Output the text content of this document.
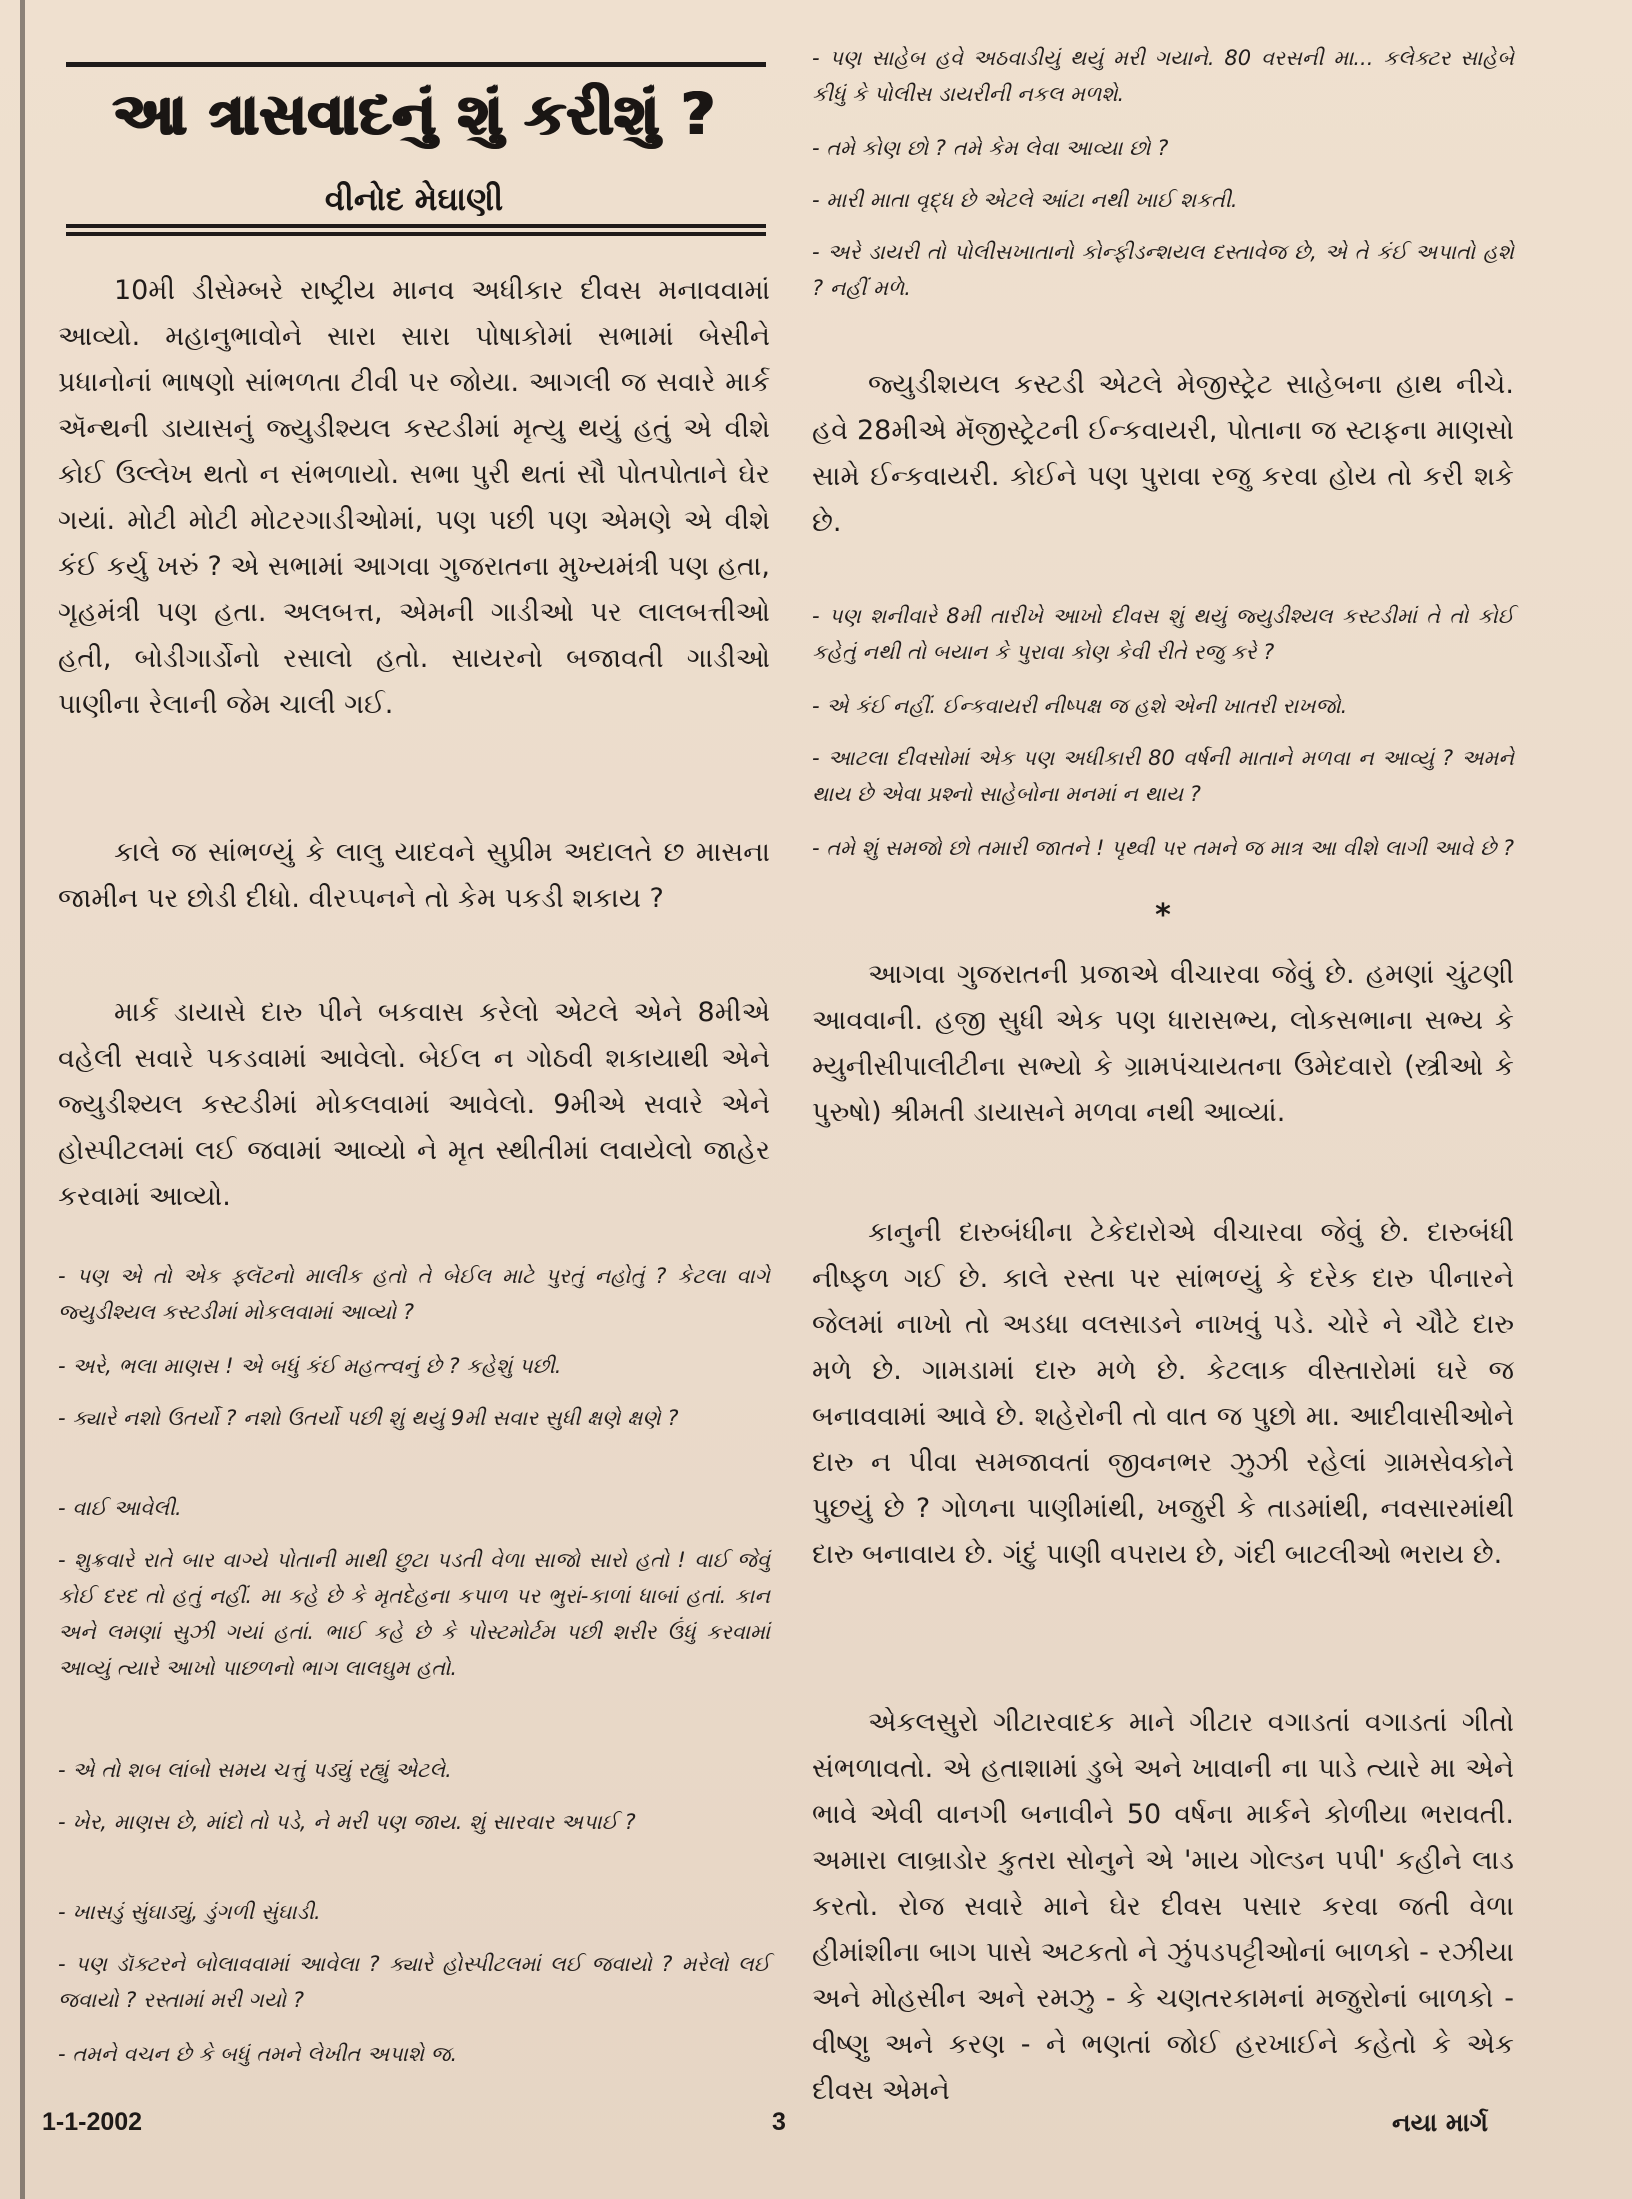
આ ત્રાસવાદનું શું કરીશું ?
વીનોદ મેઘાણી

10મી ડીસેમ્બરે રાષ્ટ્રીય માનવ અધીકાર દીવસ મનાવવામાં આવ્યો. મહાનુભાવોને સારા સારા પોષાકોમાં સભામાં બેસીને પ્રધાનોનાં ભાષણો સાંભળતા ટીવી પર જોયા. આગલી જ સવારે માર્ક ઍન્થની ડાયાસનું જ્યુડીશ્યલ કસ્ટડીમાં મૃત્યુ થયું હતું એ વીશે કોઈ ઉલ્લેખ થતો ન સંભળાયો. સભા પુરી થતાં સૌ પોતપોતાને ઘેર ગયાં. મોટી મોટી મોટરગાડીઓમાં, પણ પછી પણ એમણે એ વીશે કંઈ કર્યુ ખરું ? એ સભામાં આગવા ગુજરાતના મુખ્યમંત્રી પણ હતા, ગૃહમંત્રી પણ હતા. અલબત્ત, એમની ગાડીઓ પર લાલબત્તીઓ હતી, બોડીગાર્ડોનો રસાલો હતો. સાયરનો બજાવતી ગાડીઓ પાણીના રેલાની જેમ ચાલી ગઈ.

કાલે જ સાંભળ્યું કે લાલુ યાદવને સુપ્રીમ અદાલતે છ માસના જામીન પર છોડી દીધો. વીરપ્પનને તો કેમ પકડી શકાય ?

માર્ક ડાયાસે દારુ પીને બકવાસ કરેલો એટલે એને 8મીએ વહેલી સવારે પકડવામાં આવેલો. બેઈલ ન ગોઠવી શકાયાથી એને જ્યુડીશ્યલ કસ્ટડીમાં મોકલવામાં આવેલો. 9મીએ સવારે એને હોસ્પીટલમાં લઈ જવામાં આવ્યો ને મૃત સ્થીતીમાં લવાયેલો જાહેર કરવામાં આવ્યો.

- પણ એ તો એક ફ્લૅટનો માલીક હતો તે બેઈલ માટે પુરતું નહોતું ? કેટલા વાગે જ્યુડીશ્યલ કસ્ટડીમાં મોકલવામાં આવ્યો ?

- અરે, ભલા માણસ ! એ બધું કંઈ મહત્ત્વનું છે ? કહેશું પછી.

- ક્યારે નશો ઉતર્યો ? નશો ઉતર્યો પછી શું થયું 9મી સવાર સુધી ક્ષણે ક્ષણે ?

- વાઈ આવેલી.

- શુક્રવારે રાતે બાર વાગ્યે પોતાની માથી છુટા પડતી વેળા સાજો સારો હતો ! વાઈ જેવું કોઈ દરદ તો હતું નહીં. મા કહે છે કે મૃતદેહના કપાળ પર ભુરાં-કાળાં ધાબાં હતાં. કાન અને લમણાં સુઝી ગયાં હતાં. ભાઈ કહે છે કે પોસ્ટમોર્ટમ પછી શરીર ઉંધું કરવામાં આવ્યું ત્યારે આખો પાછળનો ભાગ લાલઘુમ હતો.

- એ તો શબ લાંબો સમય ચત્તું પડ્યું રહ્યું એટલે.

- ખેર, માણસ છે, માંદો તો પડે, ને મરી પણ જાય. શું સારવાર અપાઈ ?

- ખાસડું સુંઘાડ્યું, ડુંગળી સુંઘાડી.

- પણ ડૉક્ટરને બોલાવવામાં આવેલા ? ક્યારે હોસ્પીટલમાં લઈ જવાયો ? મરેલો લઈ જવાયો ? રસ્તામાં મરી ગયો ?

- તમને વચન છે કે બધું તમને લેખીત અપાશે જ.

- પણ સાહેબ હવે અઠવાડીયું થયું મરી ગયાને. 80 વરસની મા... કલેક્ટર સાહેબે કીધું કે પોલીસ ડાયરીની નકલ મળશે.

- તમે કોણ છો ? તમે કેમ લેવા આવ્યા છો ?

- મારી માતા વૃદ્ધ છે એટલે આંટા નથી ખાઈ શકતી.

- અરે ડાયરી તો પોલીસખાતાનો કોન્ફીડન્શયલ દસ્તાવેજ છે, એ તે કંઈ અપાતો હશે ? નહીં મળે.

જ્યુડીશયલ કસ્ટડી એટલે મેજીસ્ટ્રેટ સાહેબના હાથ નીચે. હવે 28મીએ મૅજીસ્ટ્રેટની ઈન્કવાયરી, પોતાના જ સ્ટાફના માણસો સામે ઈન્કવાયરી. કોઈને પણ પુરાવા રજુ કરવા હોય તો કરી શકે છે.

- પણ શનીવારે 8મી તારીખે આખો દીવસ શું થયું જ્યુડીશ્યલ કસ્ટડીમાં તે તો કોઈ કહેતું નથી તો બયાન કે પુરાવા કોણ કેવી રીતે રજુ કરે ?

- એ કંઈ નહીં. ઈન્કવાયરી નીષ્પક્ષ જ હશે એની ખાતરી રાખજો.

- આટલા દીવસોમાં એક પણ અધીકારી 80 વર્ષની માતાને મળવા ન આવ્યું ? અમને થાય છે એવા પ્રશ્નો સાહેબોના મનમાં ન થાય ?

- તમે શું સમજો છો તમારી જાતને ! પૃથ્વી પર તમને જ માત્ર આ વીશે લાગી આવે છે ?

*

આગવા ગુજરાતની પ્રજાએ વીચારવા જેવું છે. હમણાં ચુંટણી આવવાની. હજી સુધી એક પણ ધારાસભ્ય, લોકસભાના સભ્ય કે મ્યુનીસીપાલીટીના સભ્યો કે ગ્રામપંચાયતના ઉમેદવારો (સ્ત્રીઓ કે પુરુષો) શ્રીમતી ડાયાસને મળવા નથી આવ્યાં.

કાનુની દારુબંધીના ટેકેદારોએ વીચારવા જેવું છે. દારુબંધી નીષ્ફળ ગઈ છે. કાલે રસ્તા પર સાંભળ્યું કે દરેક દારુ પીનારને જેલમાં નાખો તો અડધા વલસાડને નાખવું પડે. ચોરે ને ચૌટે દારુ મળે છે. ગામડામાં દારુ મળે છે. કેટલાક વીસ્તારોમાં ઘરે જ બનાવવામાં આવે છે. શહેરોની તો વાત જ પુછો મા. આદીવાસીઓને દારુ ન પીવા સમજાવતાં જીવનભર ઝુઝી રહેલાં ગ્રામસેવકોને પુછયું છે ? ગોળના પાણીમાંથી, ખજુરી કે તાડમાંથી, નવસારમાંથી દારુ બનાવાય છે. ગંદું પાણી વપરાય છે, ગંદી બાટલીઓ ભરાય છે.

એકલસુરો ગીટારવાદક માને ગીટાર વગાડતાં વગાડતાં ગીતો સંભળાવતો. એ હતાશામાં ડુબે અને ખાવાની ના પાડે ત્યારે મા એને ભાવે એવી વાનગી બનાવીને 50 વર્ષના માર્કને કોળીયા ભરાવતી. અમારા લાબ્રાડોર કુતરા સોનુને એ 'માય ગોલ્ડન પપી' કહીને લાડ કરતો. રોજ સવારે માને ઘેર દીવસ પસાર કરવા જતી વેળા હીમાંશીના બાગ પાસે અટકતો ને ઝુંપડપટ્ટીઓનાં બાળકો - રઝીયા અને મોહસીન અને રમઝુ - કે ચણતરકામનાં મજુરોનાં બાળકો - વીષ્ણુ અને કરણ - ને ભણતાં જોઈ હરખાઈને કહેતો કે એક દીવસ એમને

1-1-2002	3	નયા માર્ગ
